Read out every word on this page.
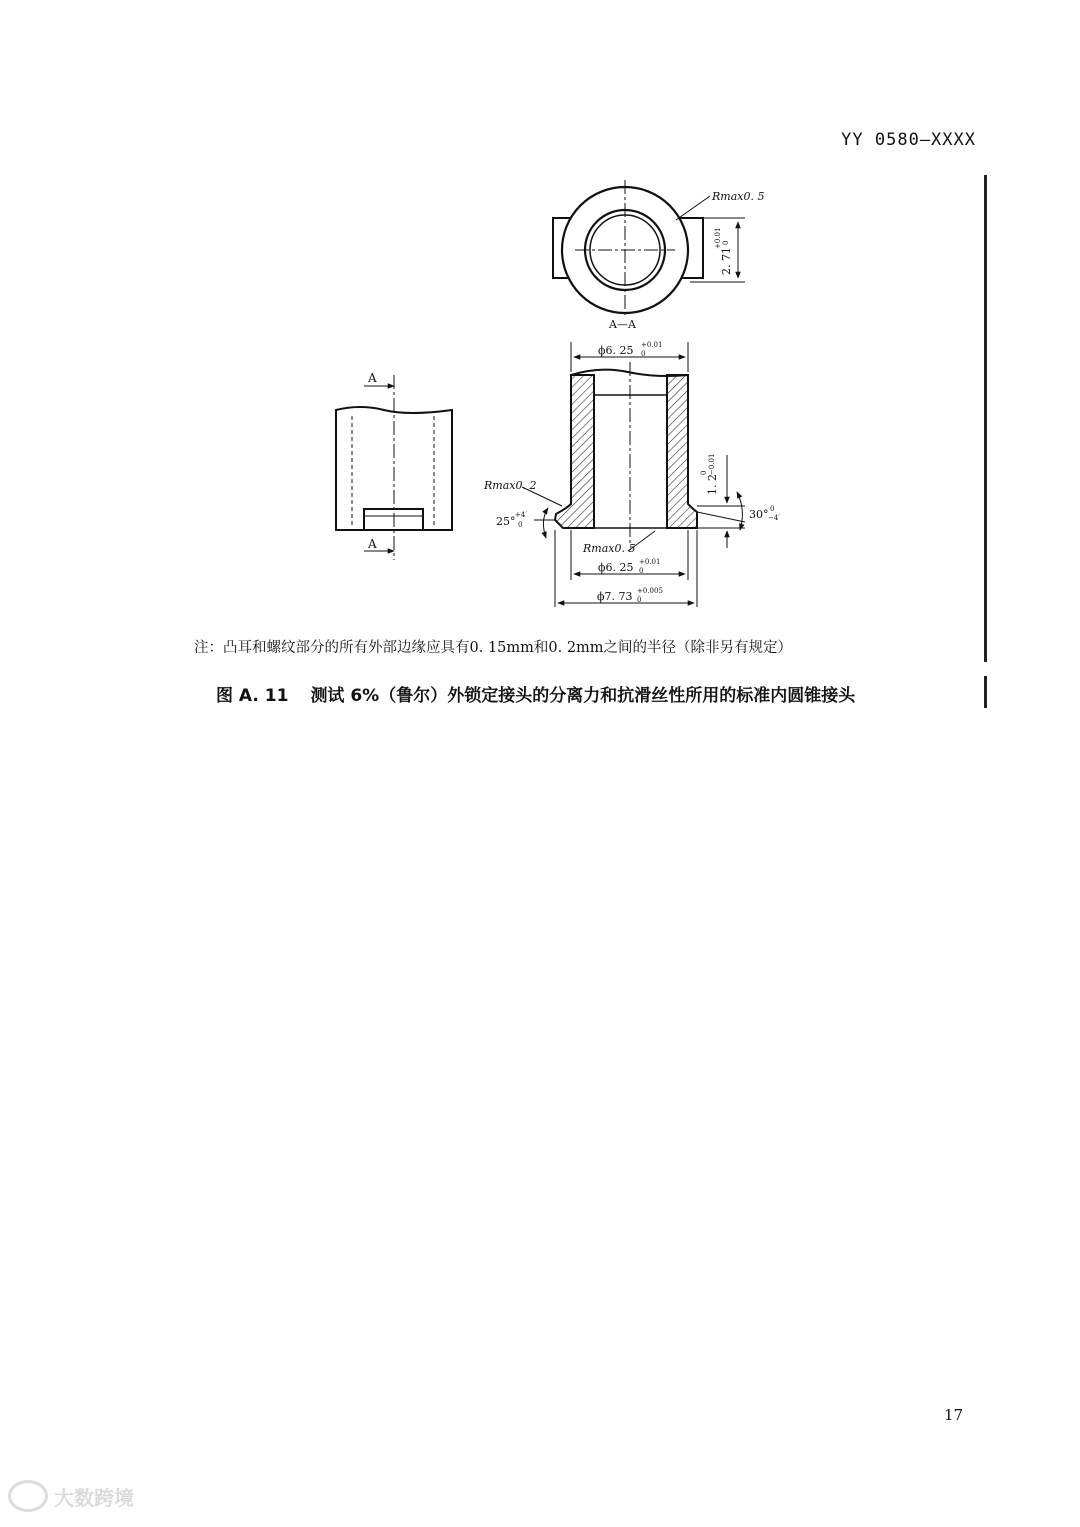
YY 0580—XXXX
Rmax0. 5
2. 71
+0.01 0
A—A
A
A
ϕ6. 25 +0.01
0
1. 2
0 −0.01
Rmax0. 2
25° +4′
0
30° 0
−4′
Rmax0. 5
ϕ6. 25 +0.01
0
ϕ7. 73 +0.005
0
注：凸耳和螺纹部分的所有外部边缘应具有0. 15mm和0. 2mm之间的半径（除非另有规定）
图 A. 11 测试 6%（鲁尔）外锁定接头的分离力和抗滑丝性所用的标准内圆锥接头
17
大数跨境
